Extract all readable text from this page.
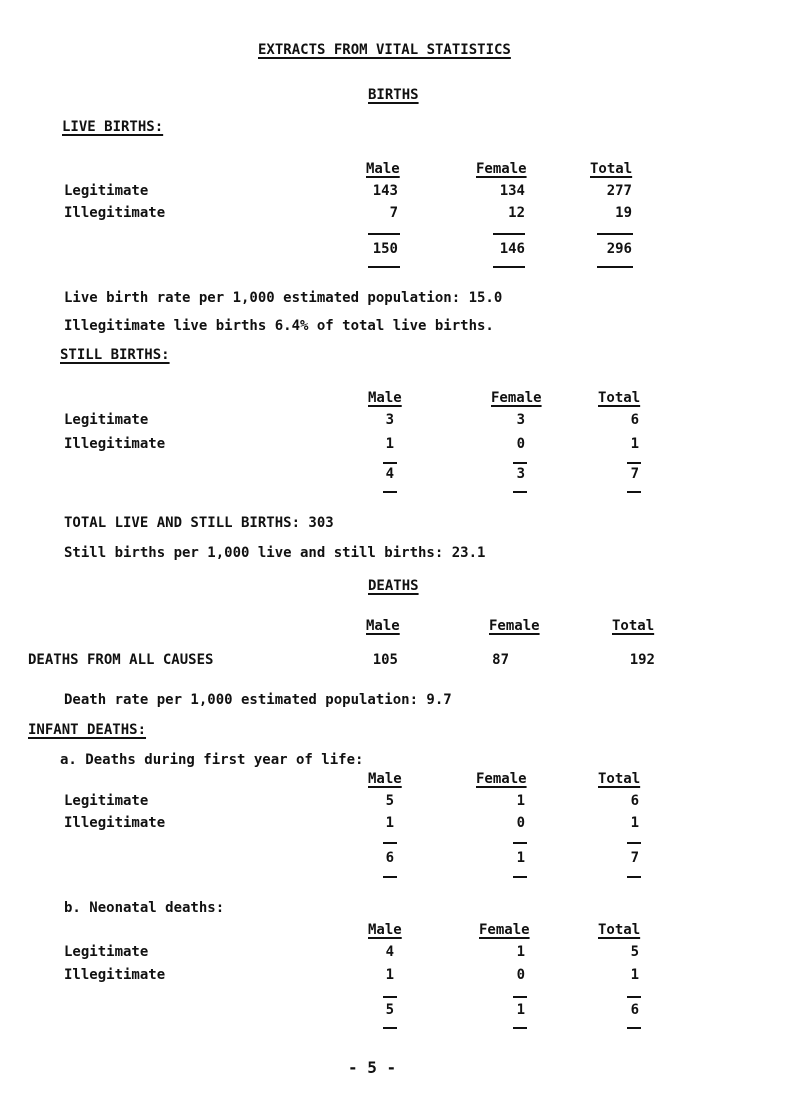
EXTRACTS FROM VITAL STATISTICS
BIRTHS
LIVE BIRTHS:
Male	Female	Total
Legitimate	143	134	277
Illegitimate	7	12	19
150	146	296
Live birth rate per 1,000 estimated population: 15.0
Illegitimate live births 6.4% of total live births.
STILL BIRTHS:
Male	Female	Total
Legitimate	3	3	6
Illegitimate	1	0	1
4	3	7
TOTAL LIVE AND STILL BIRTHS: 303
Still births per 1,000 live and still births: 23.1
DEATHS
Male	Female	Total
DEATHS FROM ALL CAUSES	105	87	192
Death rate per 1,000 estimated population: 9.7
INFANT DEATHS:
a. Deaths during first year of life:
Male	Female	Total
Legitimate	5	1	6
Illegitimate	1	0	1
6	1	7
b. Neonatal deaths:
Male	Female	Total
Legitimate	4	1	5
Illegitimate	1	0	1
5	1	6
- 5 -
